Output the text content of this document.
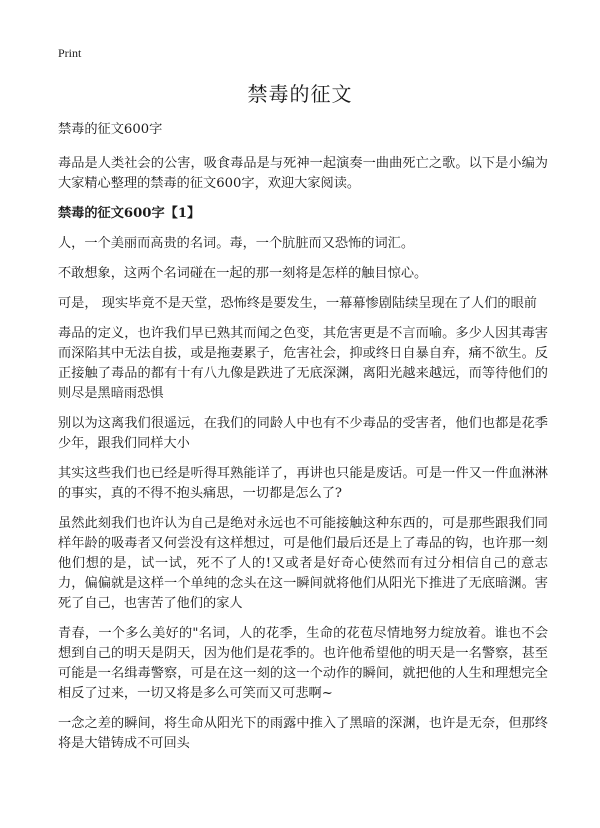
Print
禁毒的征文

禁毒的征文600字

毒品是人类社会的公害，吸食毒品是与死神一起演奏一曲曲死亡之歌。以下是小编为大家精心整理的禁毒的征文600字，欢迎大家阅读。

禁毒的征文600字【1】

人，一个美丽而高贵的名词。毒，一个肮脏而又恐怖的词汇。

不敢想象，这两个名词碰在一起的那一刻将是怎样的触目惊心。

可是， 现实毕竟不是天堂，恐怖终是要发生，一幕幕惨剧陆续呈现在了人们的眼前

毒品的定义，也许我们早已熟其而闻之色变，其危害更是不言而喻。多少人因其毒害而深陷其中无法自拔，或是拖妻累子，危害社会，抑或终日自暴自弃，痛不欲生。反正接触了毒品的都有十有八九像是跌进了无底深渊，离阳光越来越远，而等待他们的则尽是黑暗雨恐惧

别以为这离我们很遥远，在我们的同龄人中也有不少毒品的受害者，他们也都是花季少年，跟我们同样大小

其实这些我们也已经是听得耳熟能详了，再讲也只能是废话。可是一件又一件血淋淋的事实，真的不得不抱头痛思，一切都是怎么了?

虽然此刻我们也许认为自己是绝对永远也不可能接触这种东西的，可是那些跟我们同样年龄的吸毒者又何尝没有这样想过，可是他们最后还是上了毒品的钩，也许那一刻他们想的是，试一试，死不了人的!又或者是好奇心使然而有过分相信自己的意志力，偏偏就是这样一个单纯的念头在这一瞬间就将他们从阳光下推进了无底暗渊。害死了自己，也害苦了他们的家人

青春，一个多么美好的"名词，人的花季，生命的花苞尽情地努力绽放着。谁也不会想到自己的明天是阴天，因为他们是花季的。也许他希望他的明天是一名警察，甚至可能是一名缉毒警察，可是在这一刻的这一个动作的瞬间，就把他的人生和理想完全相反了过来，一切又将是多么可笑而又可悲啊~

一念之差的瞬间，将生命从阳光下的雨露中推入了黑暗的深渊，也许是无奈，但那终将是大错铸成不可回头
